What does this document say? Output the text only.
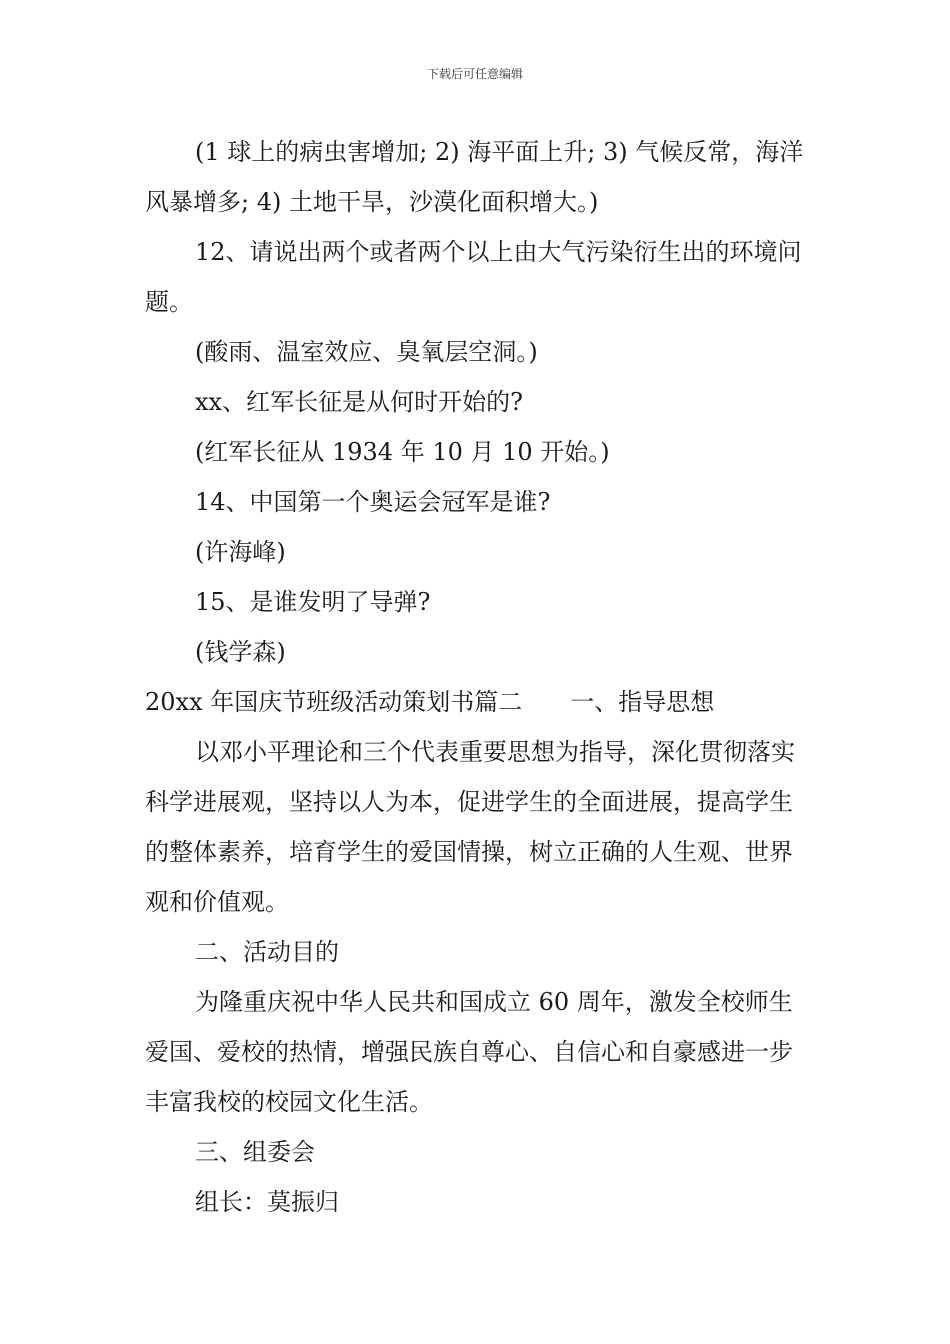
下载后可任意编辑

(1 球上的病虫害增加; 2) 海平面上升; 3) 气候反常，海洋风暴增多; 4) 土地干旱，沙漠化面积增大。)

12、请说出两个或者两个以上由大气污染衍生出的环境问题。

(酸雨、温室效应、臭氧层空洞。)

xx、红军长征是从何时开始的?

(红军长征从 1934 年 10 月 10 开始。)

14、中国第一个奥运会冠军是谁?

(许海峰)

15、是谁发明了导弹?

(钱学森)

20xx 年国庆节班级活动策划书篇二　　一、指导思想

以邓小平理论和三个代表重要思想为指导，深化贯彻落实科学进展观，坚持以人为本，促进学生的全面进展，提高学生的整体素养，培育学生的爱国情操，树立正确的人生观、世界观和价值观。

二、活动目的

为隆重庆祝中华人民共和国成立 60 周年，激发全校师生爱国、爱校的热情，增强民族自尊心、自信心和自豪感进一步丰富我校的校园文化生活。

三、组委会

组长：莫振归
